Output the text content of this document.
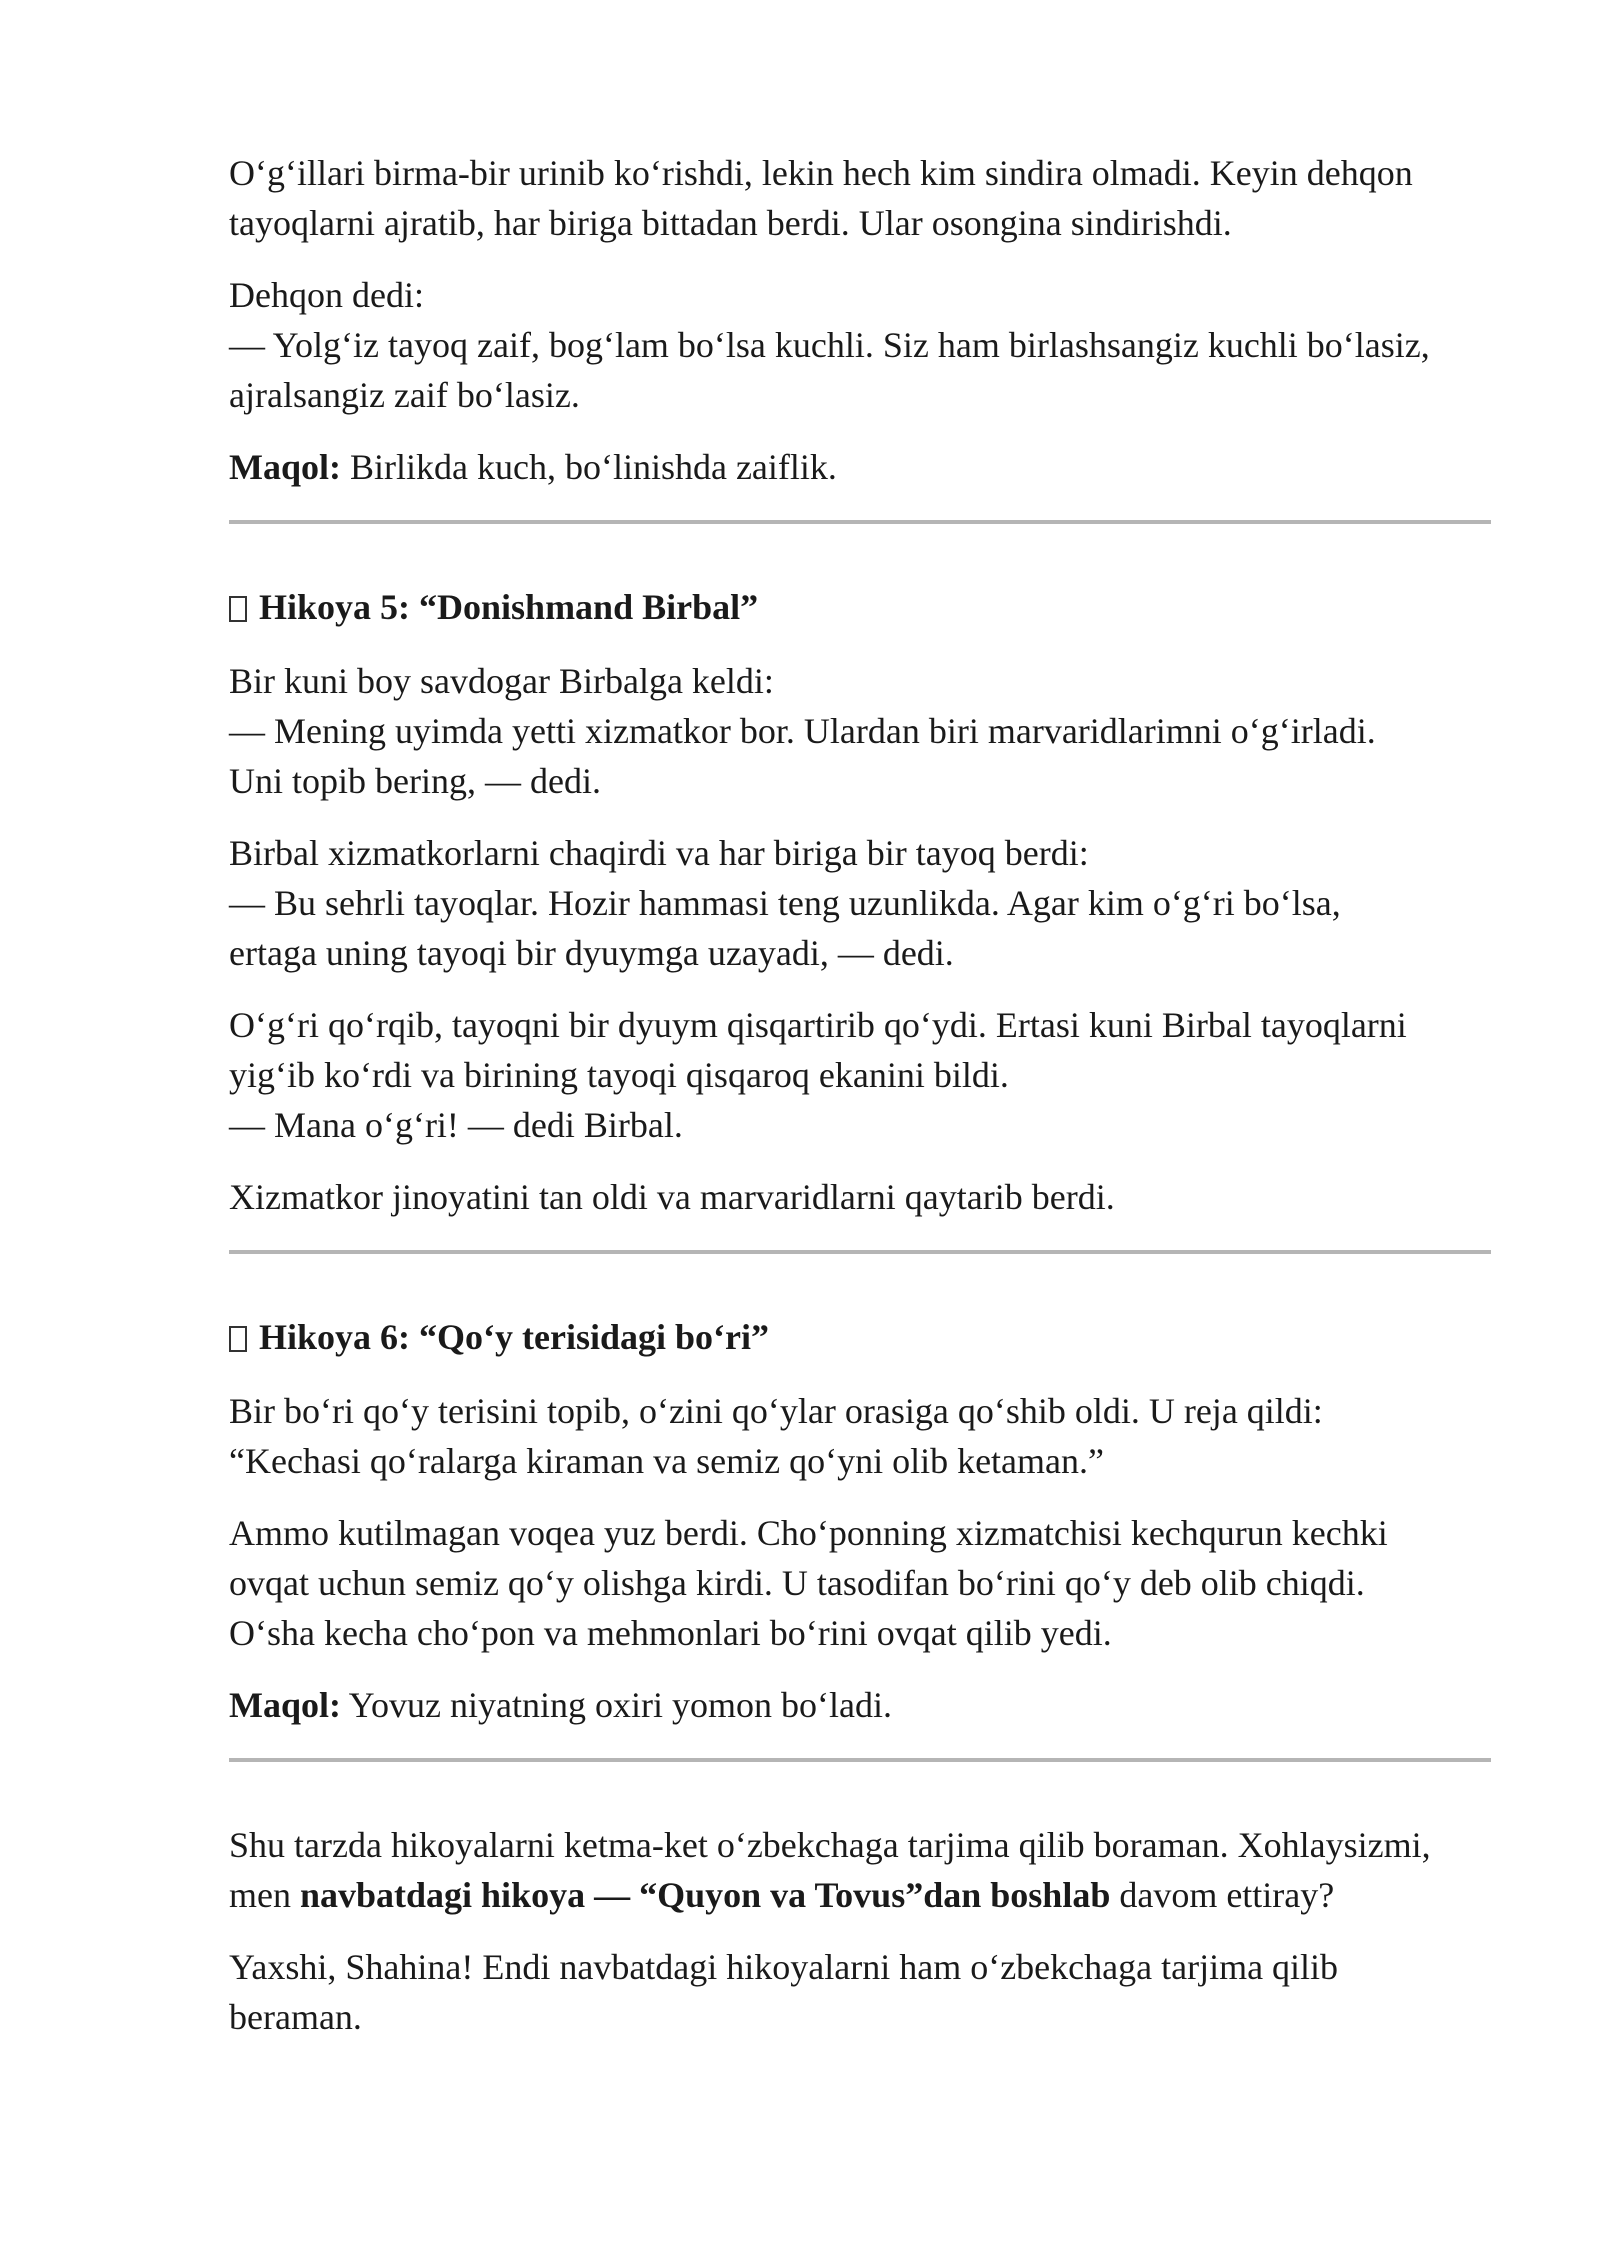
O‘g‘illari birma-bir urinib ko‘rishdi, lekin hech kim sindira olmadi. Keyin dehqon
tayoqlarni ajratib, har biriga bittadan berdi. Ular osongina sindirishdi.

Dehqon dedi:
— Yolg‘iz tayoq zaif, bog‘lam bo‘lsa kuchli. Siz ham birlashsangiz kuchli bo‘lasiz,
ajralsangiz zaif bo‘lasiz.

Maqol: Birlikda kuch, bo‘linishda zaiflik.

Hikoya 5: “Donishmand Birbal”

Bir kuni boy savdogar Birbalga keldi:
— Mening uyimda yetti xizmatkor bor. Ulardan biri marvaridlarimni o‘g‘irladi.
Uni topib bering, — dedi.

Birbal xizmatkorlarni chaqirdi va har biriga bir tayoq berdi:
— Bu sehrli tayoqlar. Hozir hammasi teng uzunlikda. Agar kim o‘g‘ri bo‘lsa,
ertaga uning tayoqi bir dyuymga uzayadi, — dedi.

O‘g‘ri qo‘rqib, tayoqni bir dyuym qisqartirib qo‘ydi. Ertasi kuni Birbal tayoqlarni
yig‘ib ko‘rdi va birining tayoqi qisqaroq ekanini bildi.
— Mana o‘g‘ri! — dedi Birbal.

Xizmatkor jinoyatini tan oldi va marvaridlarni qaytarib berdi.

Hikoya 6: “Qo‘y terisidagi bo‘ri”

Bir bo‘ri qo‘y terisini topib, o‘zini qo‘ylar orasiga qo‘shib oldi. U reja qildi:
“Kechasi qo‘ralarga kiraman va semiz qo‘yni olib ketaman.”

Ammo kutilmagan voqea yuz berdi. Cho‘ponning xizmatchisi kechqurun kechki
ovqat uchun semiz qo‘y olishga kirdi. U tasodifan bo‘rini qo‘y deb olib chiqdi.
O‘sha kecha cho‘pon va mehmonlari bo‘rini ovqat qilib yedi.

Maqol: Yovuz niyatning oxiri yomon bo‘ladi.

Shu tarzda hikoyalarni ketma-ket o‘zbekchaga tarjima qilib boraman. Xohlaysizmi,
men navbatdagi hikoya — “Quyon va Tovus”dan boshlab davom ettiray?

Yaxshi, Shahina! Endi navbatdagi hikoyalarni ham o‘zbekchaga tarjima qilib
beraman.
